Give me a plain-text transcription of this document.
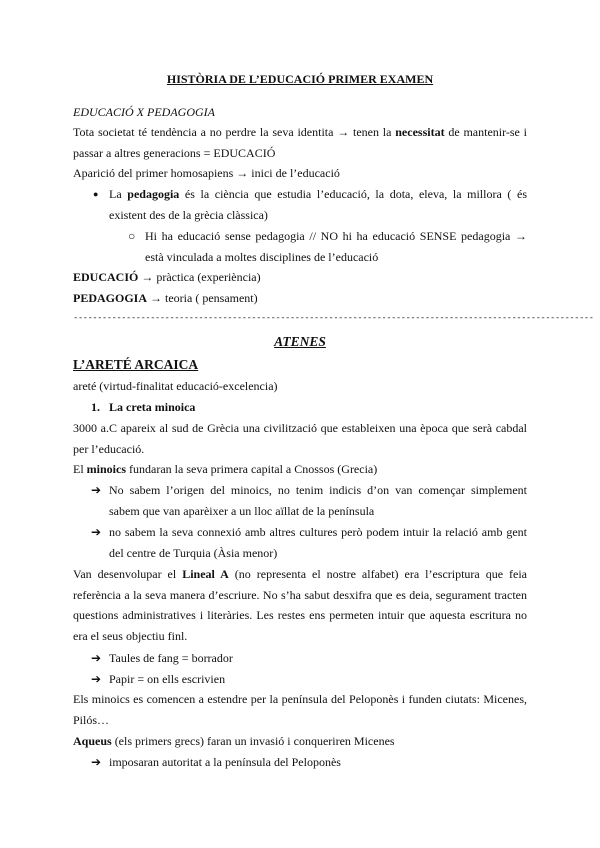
HISTÒRIA DE L’EDUCACIÓ PRIMER EXAMEN
EDUCACIÓ X PEDAGOGIA
Tota societat té tendència a no perdre la seva identita → tenen la necessitat de mantenir-se i passar a altres generacions = EDUCACIÓ
Aparició del primer homosapiens → inici de l’educació
● La pedagogia és la ciència que estudia l’educació, la dota, eleva, la millora ( és existent des de la grècia clàssica)
○ Hi ha educació sense pedagogia // NO hi ha educació SENSE pedagogia → està vinculada a moltes disciplines de l’educació
EDUCACIÓ → pràctica (experiència)
PEDAGOGIA → teoria ( pensament)
------------------------------------------------------------------------------------------------------------
ATENES
L’ARETÉ ARCAICA
areté (virtud-finalitat educació-excelencia)
1. La creta minoica
3000 a.C apareix al sud de Grècia una civilització que estableixen una època que serà cabdal per l’educació.
El minoics fundaran la seva primera capital a Cnossos (Grecia)
➔ No sabem l’origen del minoics, no tenim indicis d’on van començar simplement sabem que van aparèixer a un lloc aïllat de la península
➔ no sabem la seva connexió amb altres cultures però podem intuir la relació amb gent del centre de Turquia (Àsia menor)
Van desenvolupar el Lineal A (no representa el nostre alfabet) era l’escriptura que feia referència a la seva manera d’escriure. No s’ha sabut desxifra que es deia, segurament tracten questions administratives i literàries. Les restes ens permeten intuir que aquesta escritura no era el seus objectiu finl.
➔ Taules de fang = borrador
➔ Papir = on ells escrivien
Els minoics es comencen a estendre per la península del Peloponès i funden ciutats: Micenes, Pilós…
Aqueus (els primers grecs) faran un invasió i conqueriren Micenes
➔ imposaran autoritat a la península del Peloponès
